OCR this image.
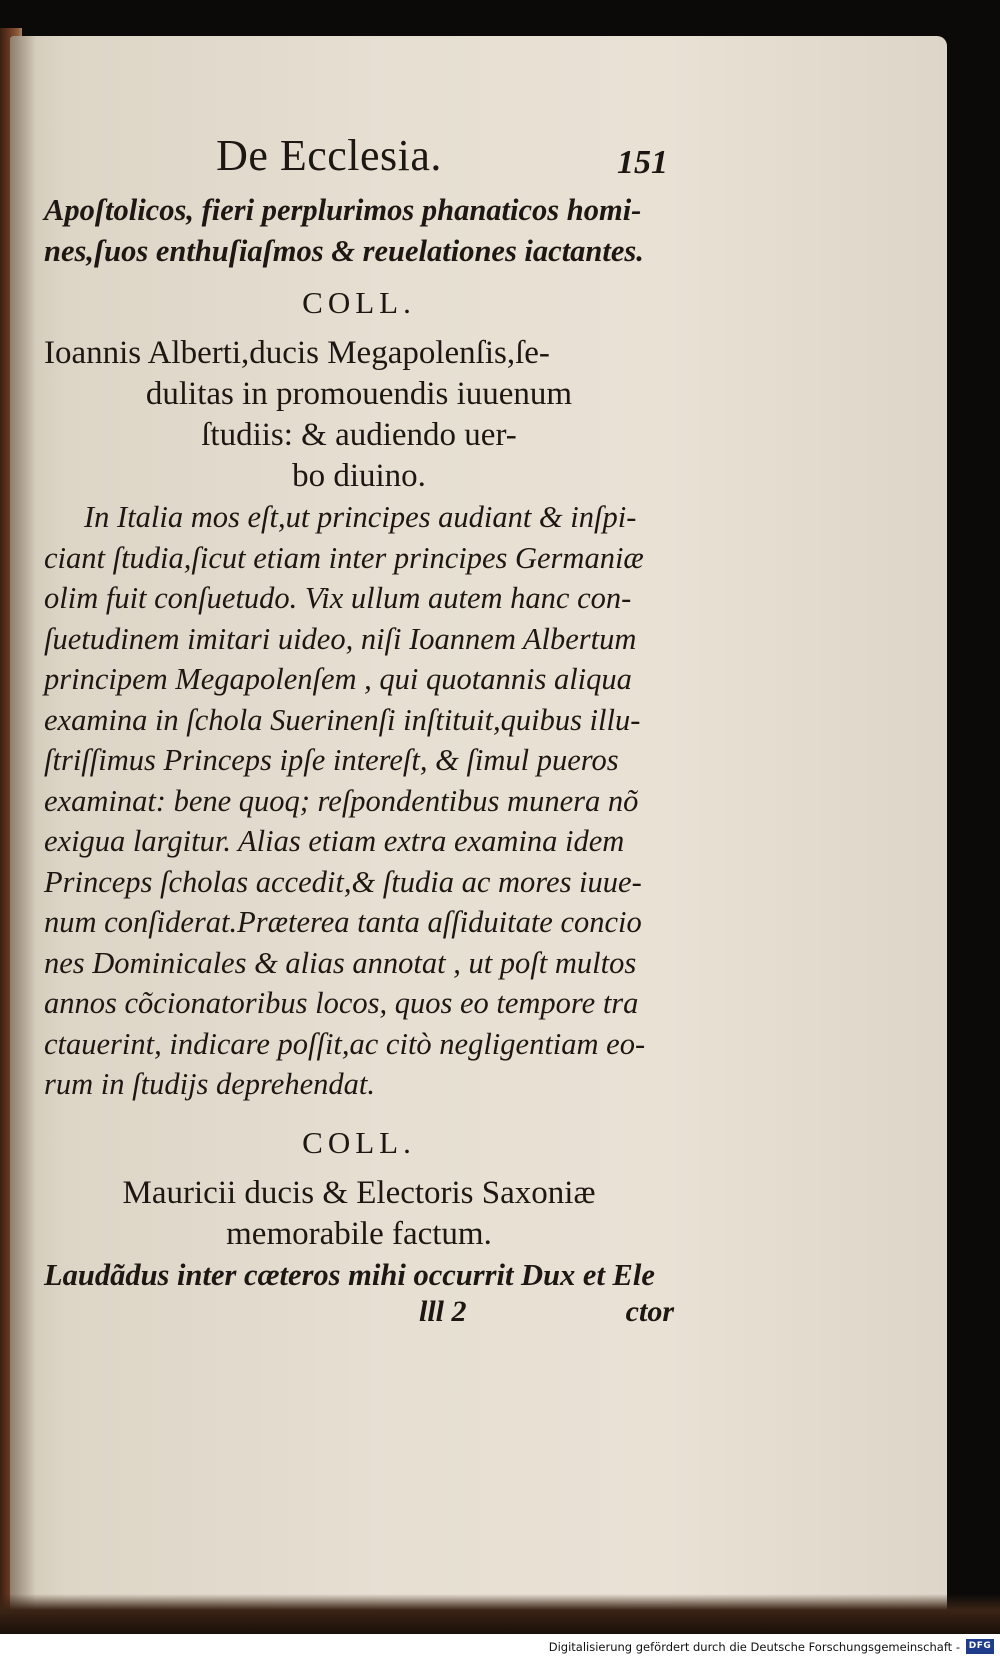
De Ecclesia.	151
Apoſtolicos, fieri perplurimos phanaticos homi-
nes,ſuos enthuſiaſmos & reuelationes iactantes.
COLL.
Ioannis Alberti,ducis Megapolenſis,ſe-
dulitas in promouendis iuuenum
ſtudiis: & audiendo uer-
bo diuino.
In Italia mos eſt,ut principes audiant & inſpi-
ciant ſtudia,ſicut etiam inter principes Germaniæ
olim fuit conſuetudo. Vix ullum autem hanc con-
ſuetudinem imitari uideo, niſi Ioannem Albertum
principem Megapolenſem , qui quotannis aliqua
examina in ſchola Suerinenſi inſtituit,quibus illu-
ſtriſſimus Princeps ipſe intereſt, & ſimul pueros
examinat: bene quoq; reſpondentibus munera nõ
exigua largitur. Alias etiam extra examina idem
Princeps ſcholas accedit,& ſtudia ac mores iuue-
num conſiderat.Præterea tanta aſſiduitate concio
nes Dominicales & alias annotat , ut poſt multos
annos cõcionatoribus locos, quos eo tempore tra
ctauerint, indicare poſſit,ac citò negligentiam eo-
rum in ſtudijs deprehendat.
COLL.
Mauricii ducis & Electoris Saxoniæ
memorabile factum.
Laudãdus inter cæteros mihi occurrit Dux et Ele
lll 2	ctor
Digitalisierung gefördert durch die Deutsche Forschungsgemeinschaft - DFG
